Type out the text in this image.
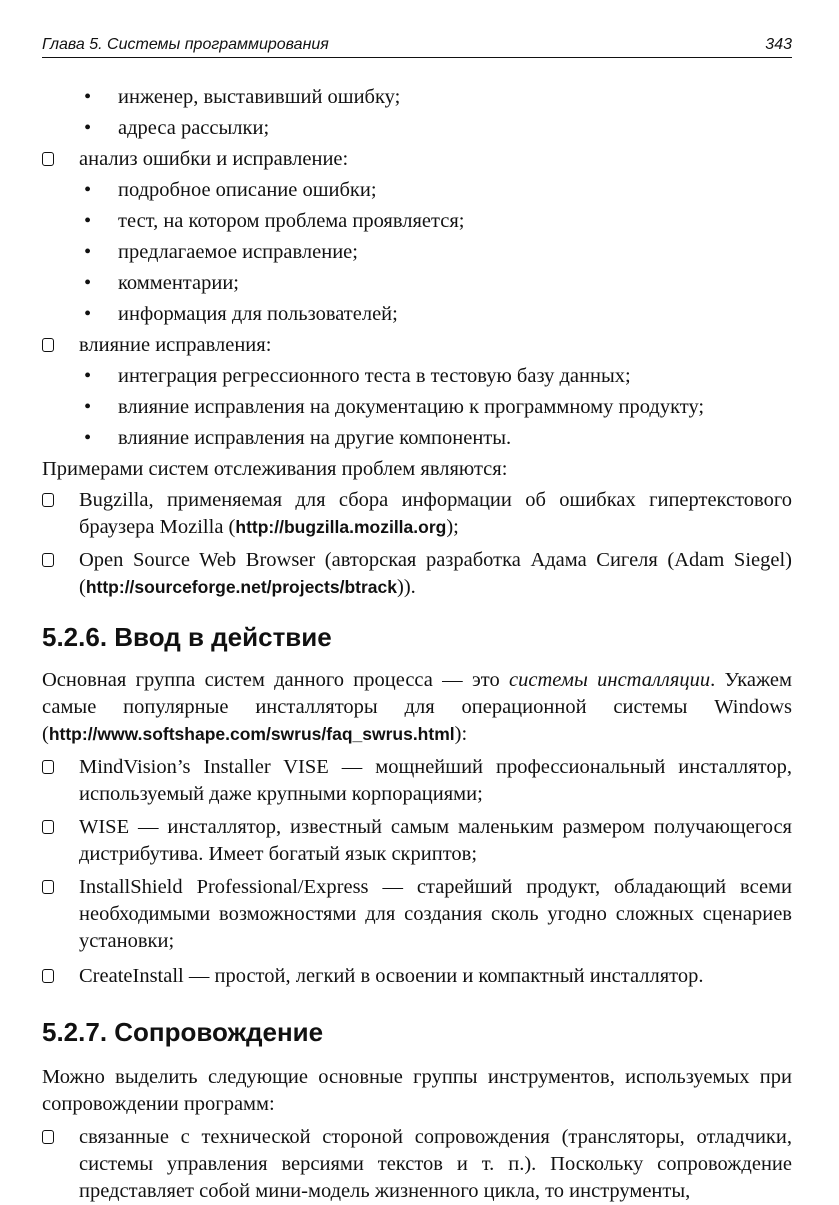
Глава 5. Системы программирования	343

• инженер, выставивший ошибку;

• адреса рассылки;

анализ ошибки и исправление:

• подробное описание ошибки;

• тест, на котором проблема проявляется;

• предлагаемое исправление;

• комментарии;

• информация для пользователей;

влияние исправления:

• интеграция регрессионного теста в тестовую базу данных;

• влияние исправления на документацию к программному продукту;

• влияние исправления на другие компоненты.

Примерами систем отслеживания проблем являются:

Bugzilla, применяемая для сбора информации об ошибках гипертекстового браузера Mozilla (http://bugzilla.mozilla.org);

Open Source Web Browser (авторская разработка Адама Сигеля (Adam Siegel) (http://sourceforge.net/projects/btrack)).

5.2.6. Ввод в действие

Основная группа систем данного процесса — это системы инсталляции. Укажем самые популярные инсталляторы для операционной системы Windows (http://www.softshape.com/swrus/faq_swrus.html):

MindVision’s Installer VISE — мощнейший профессиональный инсталлятор, используемый даже крупными корпорациями;

WISE — инсталлятор, известный самым маленьким размером получающегося дистрибутива. Имеет богатый язык скриптов;

InstallShield Professional/Express — старейший продукт, обладающий всеми необходимыми возможностями для создания сколь угодно сложных сценариев установки;

CreateInstall — простой, легкий в освоении и компактный инсталлятор.

5.2.7. Сопровождение

Можно выделить следующие основные группы инструментов, используемых при сопровождении программ:

связанные с технической стороной сопровождения (трансляторы, отладчики, системы управления версиями текстов и т. п.). Поскольку сопровождение представляет собой мини-модель жизненного цикла, то инструменты,
